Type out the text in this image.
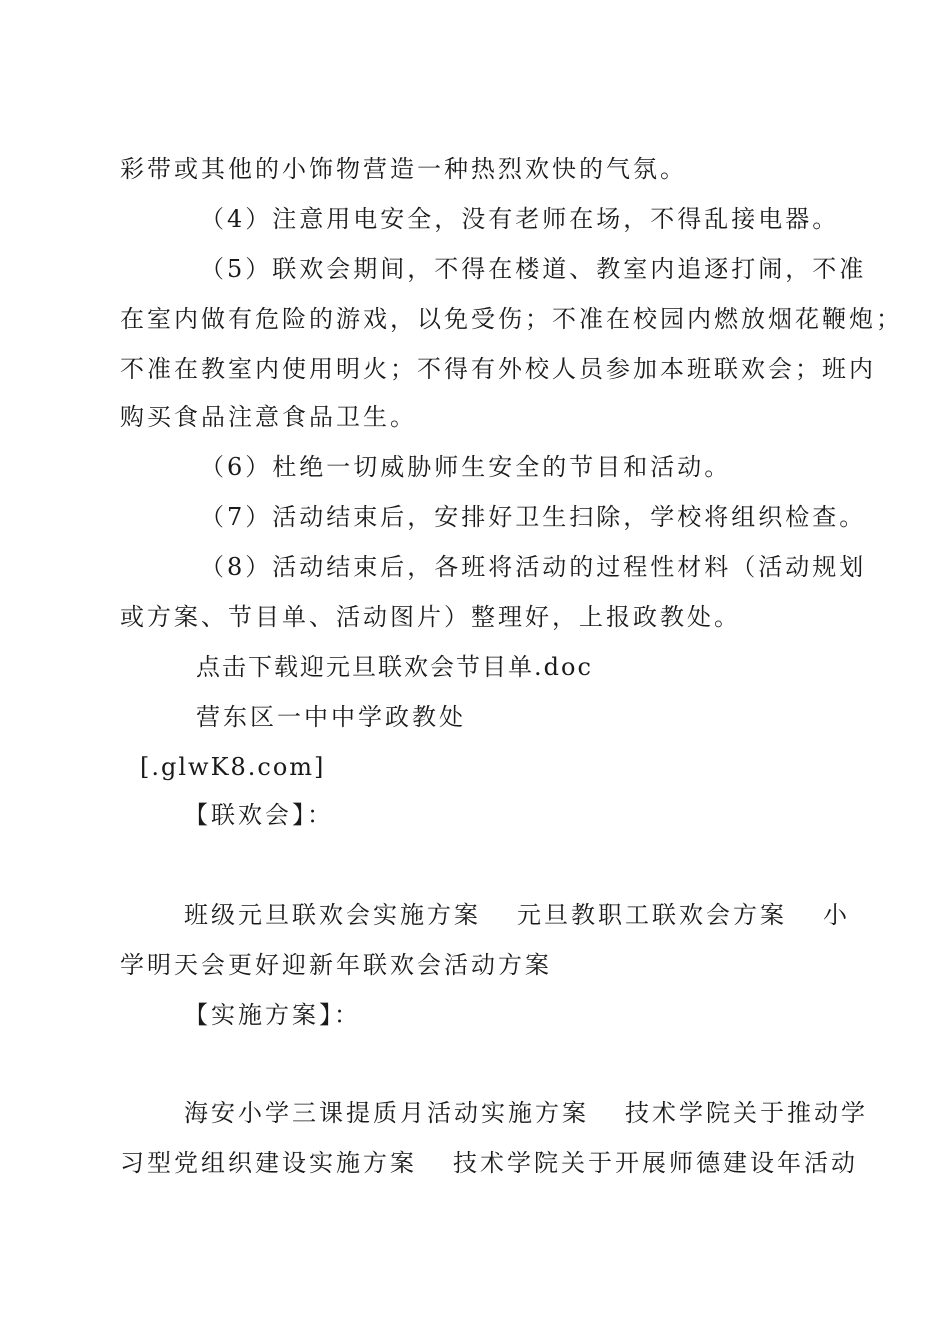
彩带或其他的小饰物营造一种热烈欢快的气氛。
（4）注意用电安全，没有老师在场，不得乱接电器。
（5）联欢会期间，不得在楼道、教室内追逐打闹，不准
在室内做有危险的游戏，以免受伤；不准在校园内燃放烟花鞭炮；
不准在教室内使用明火；不得有外校人员参加本班联欢会；班内
购买食品注意食品卫生。
（6）杜绝一切威胁师生安全的节目和活动。
（7）活动结束后，安排好卫生扫除，学校将组织检查。
（8）活动结束后，各班将活动的过程性材料（活动规划
或方案、节目单、活动图片）整理好，上报政教处。
点击下载迎元旦联欢会节目单.doc
营东区一中中学政教处
[.glwK8.com]
【联欢会】：
班级元旦联欢会实施方案 元旦教职工联欢会方案 小
学明天会更好迎新年联欢会活动方案
【实施方案】：
海安小学三课提质月活动实施方案 技术学院关于推动学
习型党组织建设实施方案 技术学院关于开展师德建设年活动
